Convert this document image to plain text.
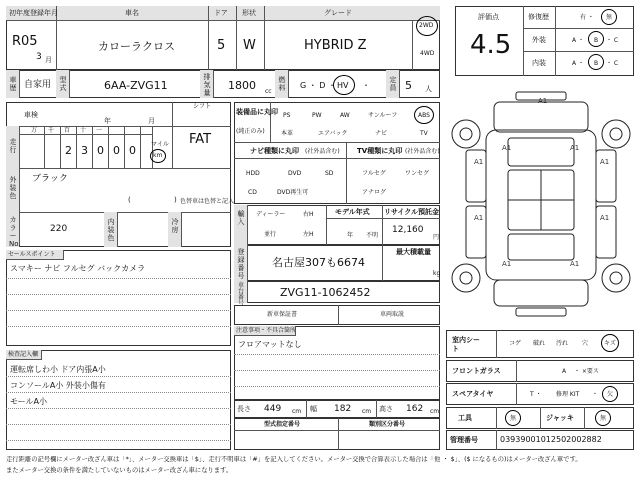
初年度登録年月
R05
3 月
車名
カローラクロス
ドア
5
形状
W
グレード
HYBRID Z
2WD
4WD
車歴 自家用 型式	6AA-ZVG11
排気量
1800 cc
燃料 G ・ D ・ HV ・
定員 5 人
評価点
4.5
修復歴	有 ・ 無
外装	A ・ B ・ C
内装	A ・ B ・ C
車検
年	月
シフト
FAT
走行
万 千 百 十 一
2 3 0 0 0	マイル
km
外装色
ブラック
(	) 色替車は色替と記入
カラーNo.
220
内装色
冷房
装備品に丸印
(純正のみ)
PS	PW	AW	サンルーフ	ABS
本革	エアバック	ナビ	TV
ナビ種類に丸印 (社外品含む)
HDD	DVD	SD
CD	DVD再生可
TV種類に丸印 (社外品含む)
フルセグ	ワンセグ
アナログ
輸入
ディーラー
並行
右H
左H
モデル年式
年 不明
リサイクル預託金
12,160
円
登録番号
名古屋307も6674
最大積載量
kg
車台番号
ZVG11-1062452
セールスポイント
スマキー ナビ フルセグ バックカメラ
新車保証書	車両取説
注意事項・不具合箇所
フロアマットなし
検査記入欄
運転席しわ小 ドア内張A小
コンソールA小 外装小傷有
モールA小
長さ 449 cm 幅 182 cm 高さ 162 cm
型式指定番号	類別区分番号
A1
A1	A1
A1	A1
A1	A1
A1	A1
室内シート
コゲ 破れ 汚れ 穴	キズ
フロントガラス	A ・ ×要ス
スペアタイヤ	T ・ 修理 KIT ・ 欠
工具	無	ジャッキ	無
管理番号	03939001012502002882
走行距離の記号欄にメーター改ざん車は「*」、メーター交換車は「$」、走行不明車は「#」を記入してください。メーター交換で合算表示した場合は「他 ・ $」、($ になるもの)はメーター改ざん車です。
またメーター交換の条件を満たしていないものはメーター改ざん車になります。
